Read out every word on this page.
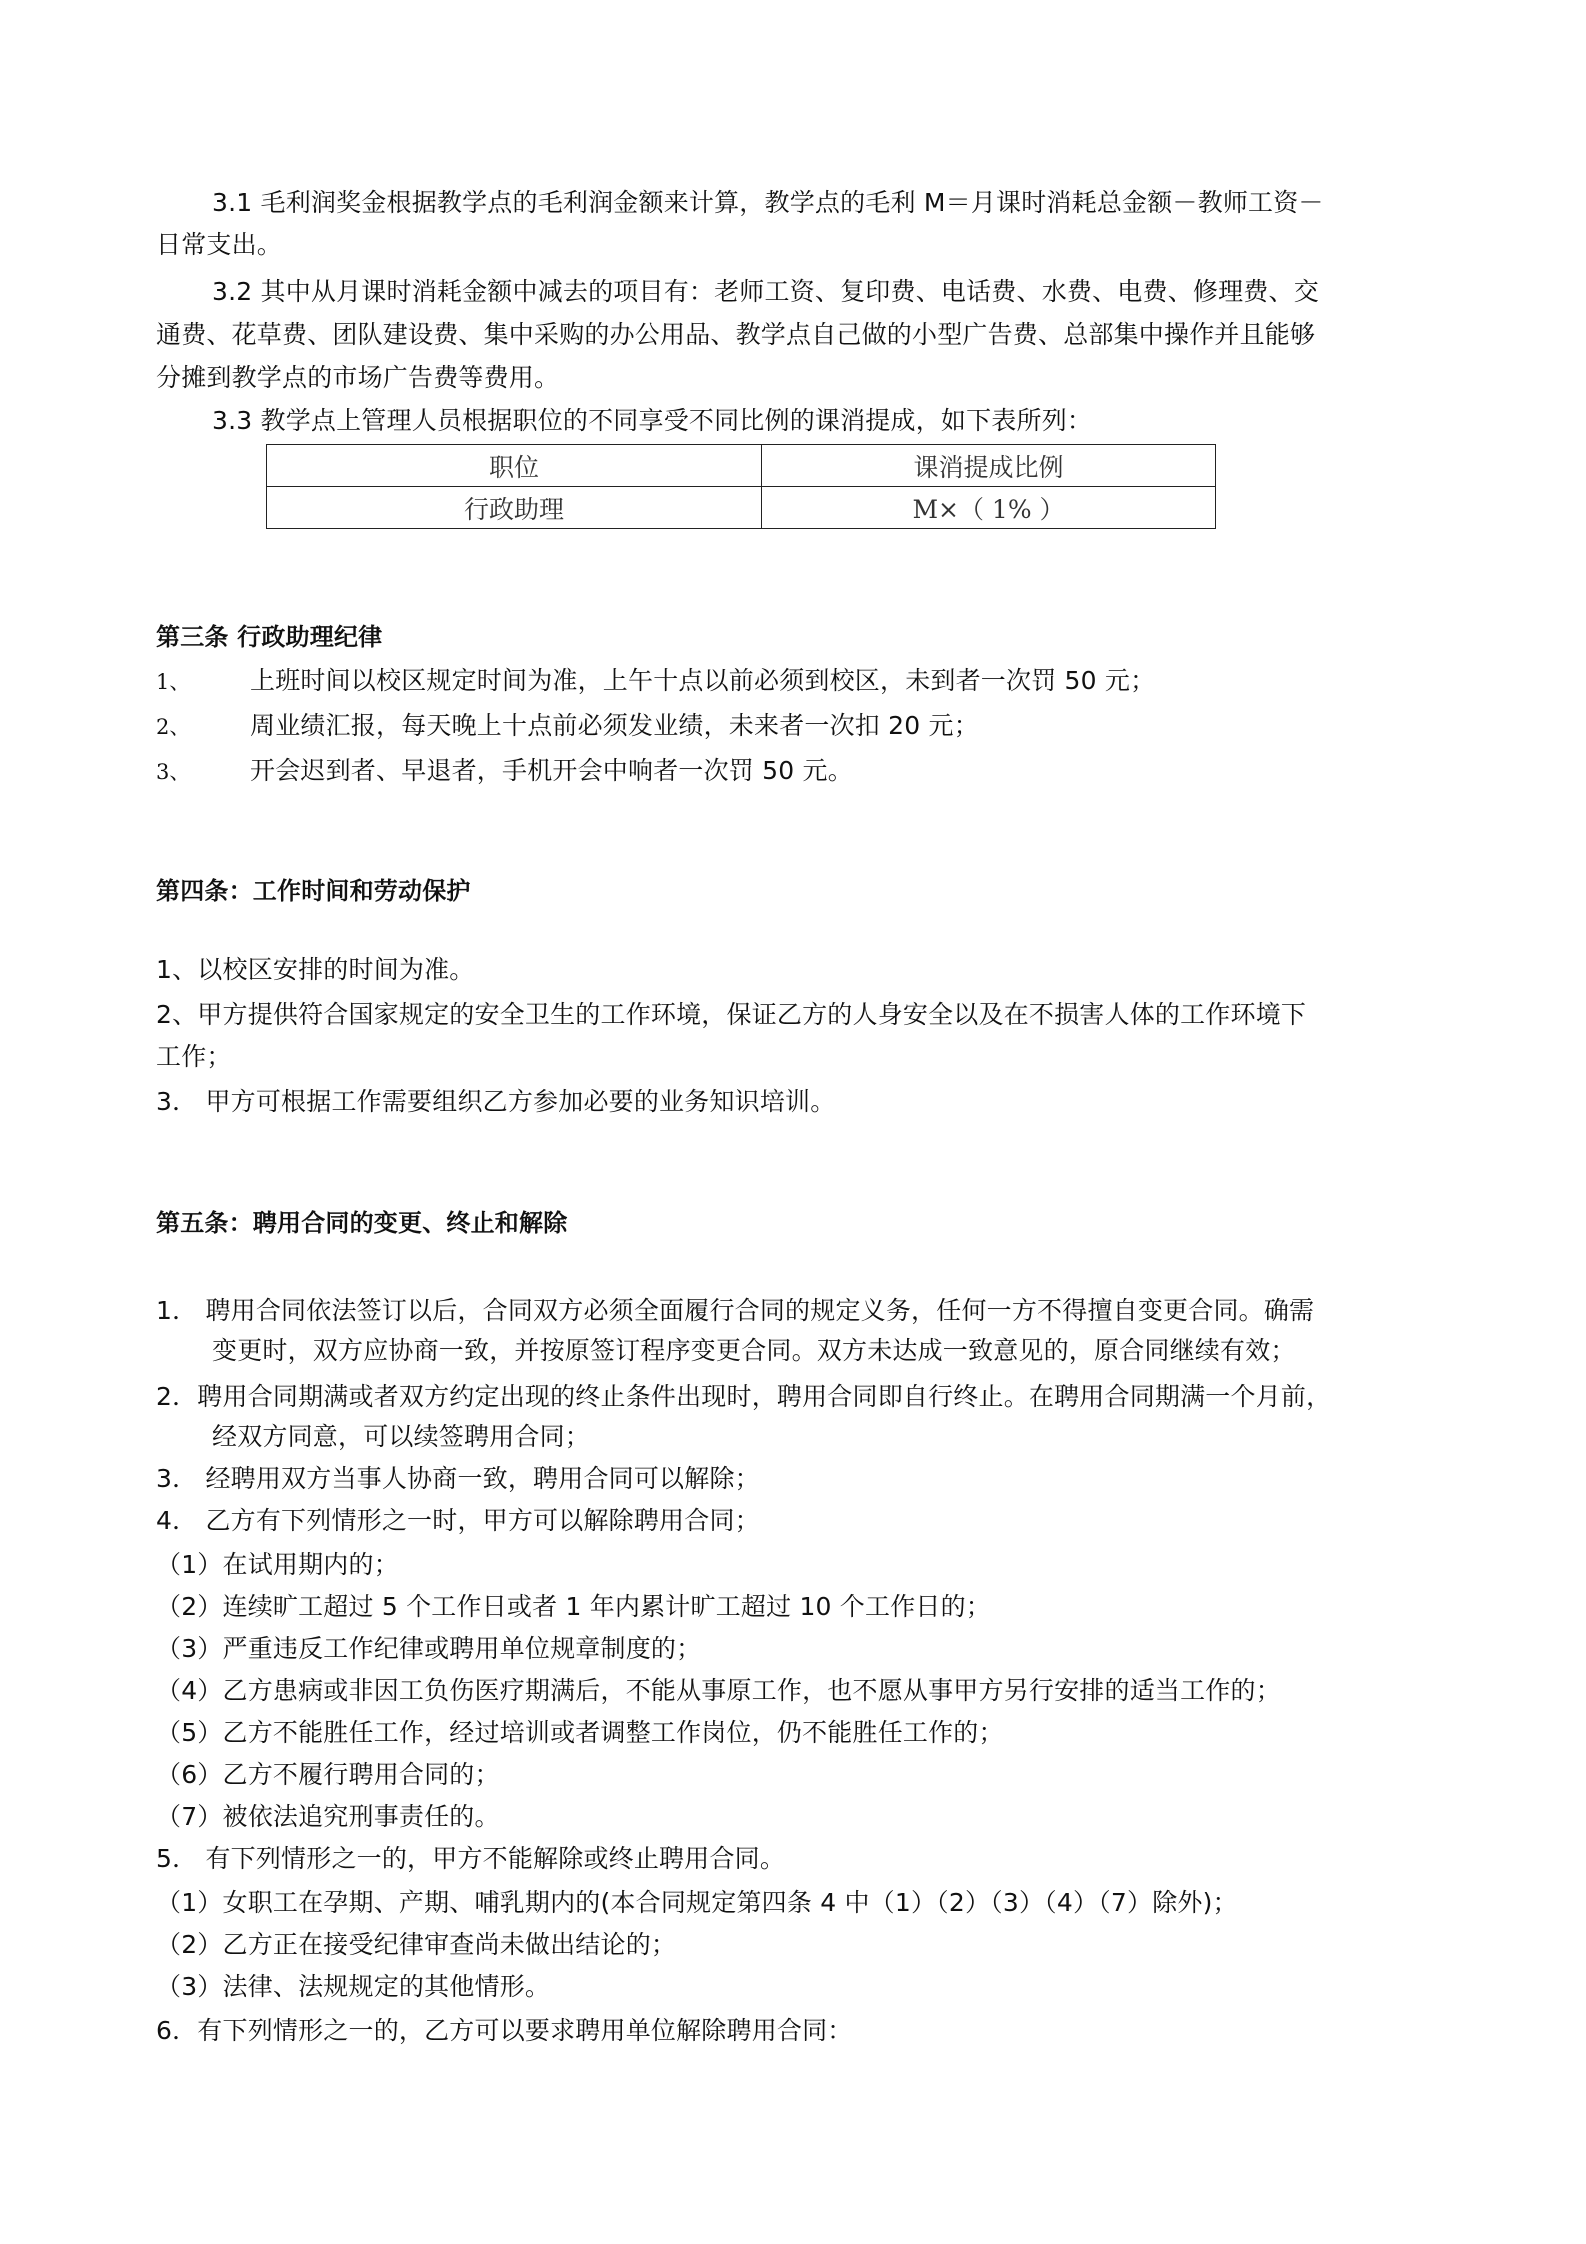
3.1 毛利润奖金根据教学点的毛利润金额来计算，教学点的毛利 M＝月课时消耗总金额－教师工资－
日常支出。
3.2 其中从月课时消耗金额中减去的项目有：老师工资、复印费、电话费、水费、电费、修理费、交
通费、花草费、团队建设费、集中采购的办公用品、教学点自己做的小型广告费、总部集中操作并且能够
分摊到教学点的市场广告费等费用。
3.3 教学点上管理人员根据职位的不同享受不同比例的课消提成，如下表所列：
职位	课消提成比例
行政助理	M×（ 1% ）
第三条 行政助理纪律
1、 上班时间以校区规定时间为准，上午十点以前必须到校区，未到者一次罚 50 元；
2、 周业绩汇报，每天晚上十点前必须发业绩，未来者一次扣 20 元；
3、 开会迟到者、早退者，手机开会中响者一次罚 50 元。
第四条：工作时间和劳动保护
1、以校区安排的时间为准。
2、甲方提供符合国家规定的安全卫生的工作环境，保证乙方的人身安全以及在不损害人体的工作环境下
工作；
3． 甲方可根据工作需要组织乙方参加必要的业务知识培训。
第五条：聘用合同的变更、终止和解除
1． 聘用合同依法签订以后，合同双方必须全面履行合同的规定义务，任何一方不得擅自变更合同。确需
变更时，双方应协商一致，并按原签订程序变更合同。双方未达成一致意见的，原合同继续有效；
2．聘用合同期满或者双方约定出现的终止条件出现时，聘用合同即自行终止。在聘用合同期满一个月前，
经双方同意，可以续签聘用合同；
3． 经聘用双方当事人协商一致，聘用合同可以解除；
4． 乙方有下列情形之一时，甲方可以解除聘用合同；
（1）在试用期内的；
（2）连续旷工超过 5 个工作日或者 1 年内累计旷工超过 10 个工作日的；
（3）严重违反工作纪律或聘用单位规章制度的；
（4）乙方患病或非因工负伤医疗期满后，不能从事原工作，也不愿从事甲方另行安排的适当工作的；
（5）乙方不能胜任工作，经过培训或者调整工作岗位，仍不能胜任工作的；
（6）乙方不履行聘用合同的；
（7）被依法追究刑事责任的。
5． 有下列情形之一的，甲方不能解除或终止聘用合同。
（1）女职工在孕期、产期、哺乳期内的(本合同规定第四条 4 中（1）（2）（3）（4）（7）除外)；
（2）乙方正在接受纪律审查尚未做出结论的；
（3）法律、法规规定的其他情形。
6．有下列情形之一的，乙方可以要求聘用单位解除聘用合同：
